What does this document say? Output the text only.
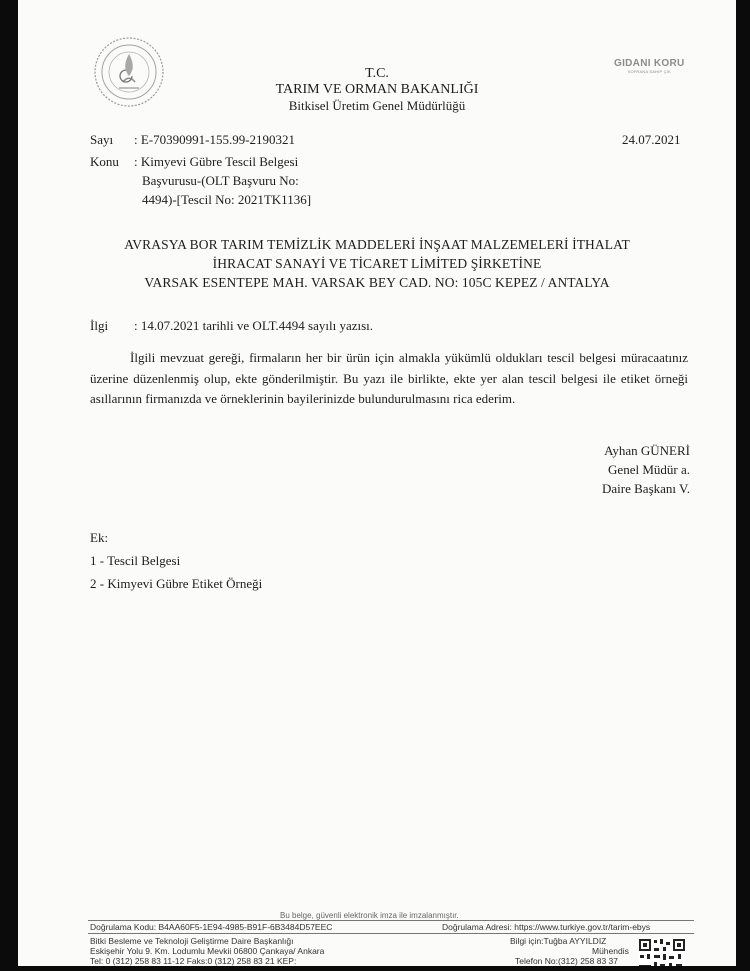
GIDANI KORU
SOFRANA SAHİP ÇIK
T.C.
TARIM VE ORMAN BAKANLIĞI
Bitkisel Üretim Genel Müdürlüğü
Sayı : E-70390991-155.99-2190321	24.07.2021
Konu : Kimyevi Gübre Tescil Belgesi
Başvurusu-(OLT Başvuru No:
4494)-[Tescil No: 2021TK1136]
AVRASYA BOR TARIM TEMİZLİK MADDELERİ İNŞAAT MALZEMELERİ İTHALAT
İHRACAT SANAYİ VE TİCARET LİMİTED ŞİRKETİNE
VARSAK ESENTEPE MAH. VARSAK BEY CAD. NO: 105C KEPEZ / ANTALYA
İlgi : 14.07.2021 tarihli ve OLT.4494 sayılı yazısı.
İlgili mevzuat gereği, firmaların her bir ürün için almakla yükümlü oldukları tescil belgesi müracaatınız üzerine düzenlenmiş olup, ekte gönderilmiştir. Bu yazı ile birlikte, ekte yer alan tescil belgesi ile etiket örneği asıllarının firmanızda ve örneklerinin bayilerinizde bulundurulmasını rica ederim.
Ayhan GÜNERİ
Genel Müdür a.
Daire Başkanı V.
Ek:
1 - Tescil Belgesi
2 - Kimyevi Gübre Etiket Örneği
Bu belge, güvenli elektronik imza ile imzalanmıştır.
Doğrulama Kodu: B4AA60F5-1E94-4985-B91F-6B3484D57EEC	Doğrulama Adresi: https://www.turkiye.gov.tr/tarim-ebys
Bitki Besleme ve Teknoloji Geliştirme Daire Başkanlığı
Eskişehir Yolu 9. Km. Lodumlu Mevkii 06800 Çankaya/ Ankara
Tel: 0 (312) 258 83 11-12 Faks:0 (312) 258 83 21 KEP:
Bilgi için:Tuğba AYYILDIZ
Mühendis
Telefon No:(312) 258 83 37
